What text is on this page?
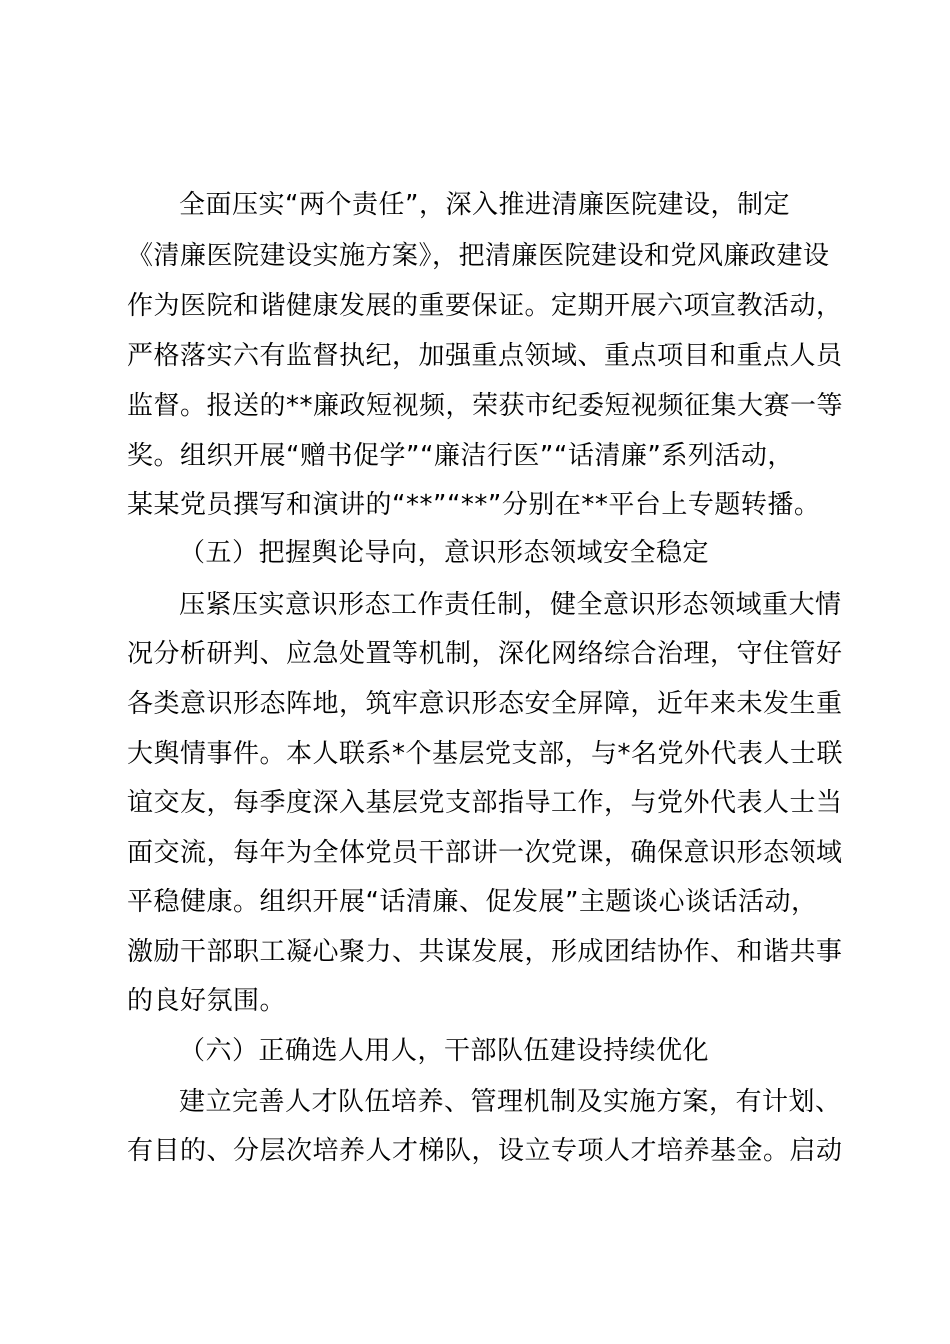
全面压实“两个责任”，深入推进清廉医院建设，制定
《清廉医院建设实施方案》，把清廉医院建设和党风廉政建设
作为医院和谐健康发展的重要保证。定期开展六项宣教活动，
严格落实六有监督执纪，加强重点领域、重点项目和重点人员
监督。报送的**廉政短视频，荣获市纪委短视频征集大赛一等
奖。组织开展“赠书促学”“廉洁行医”“话清廉”系列活动，
某某党员撰写和演讲的“**”“**”分别在**平台上专题转播。
（五）把握舆论导向，意识形态领域安全稳定
压紧压实意识形态工作责任制，健全意识形态领域重大情
况分析研判、应急处置等机制，深化网络综合治理，守住管好
各类意识形态阵地，筑牢意识形态安全屏障，近年来未发生重
大舆情事件。本人联系*个基层党支部，与*名党外代表人士联
谊交友，每季度深入基层党支部指导工作，与党外代表人士当
面交流，每年为全体党员干部讲一次党课，确保意识形态领域
平稳健康。组织开展“话清廉、促发展”主题谈心谈话活动，
激励干部职工凝心聚力、共谋发展，形成团结协作、和谐共事
的良好氛围。
（六）正确选人用人，干部队伍建设持续优化
建立完善人才队伍培养、管理机制及实施方案，有计划、
有目的、分层次培养人才梯队，设立专项人才培养基金。启动
